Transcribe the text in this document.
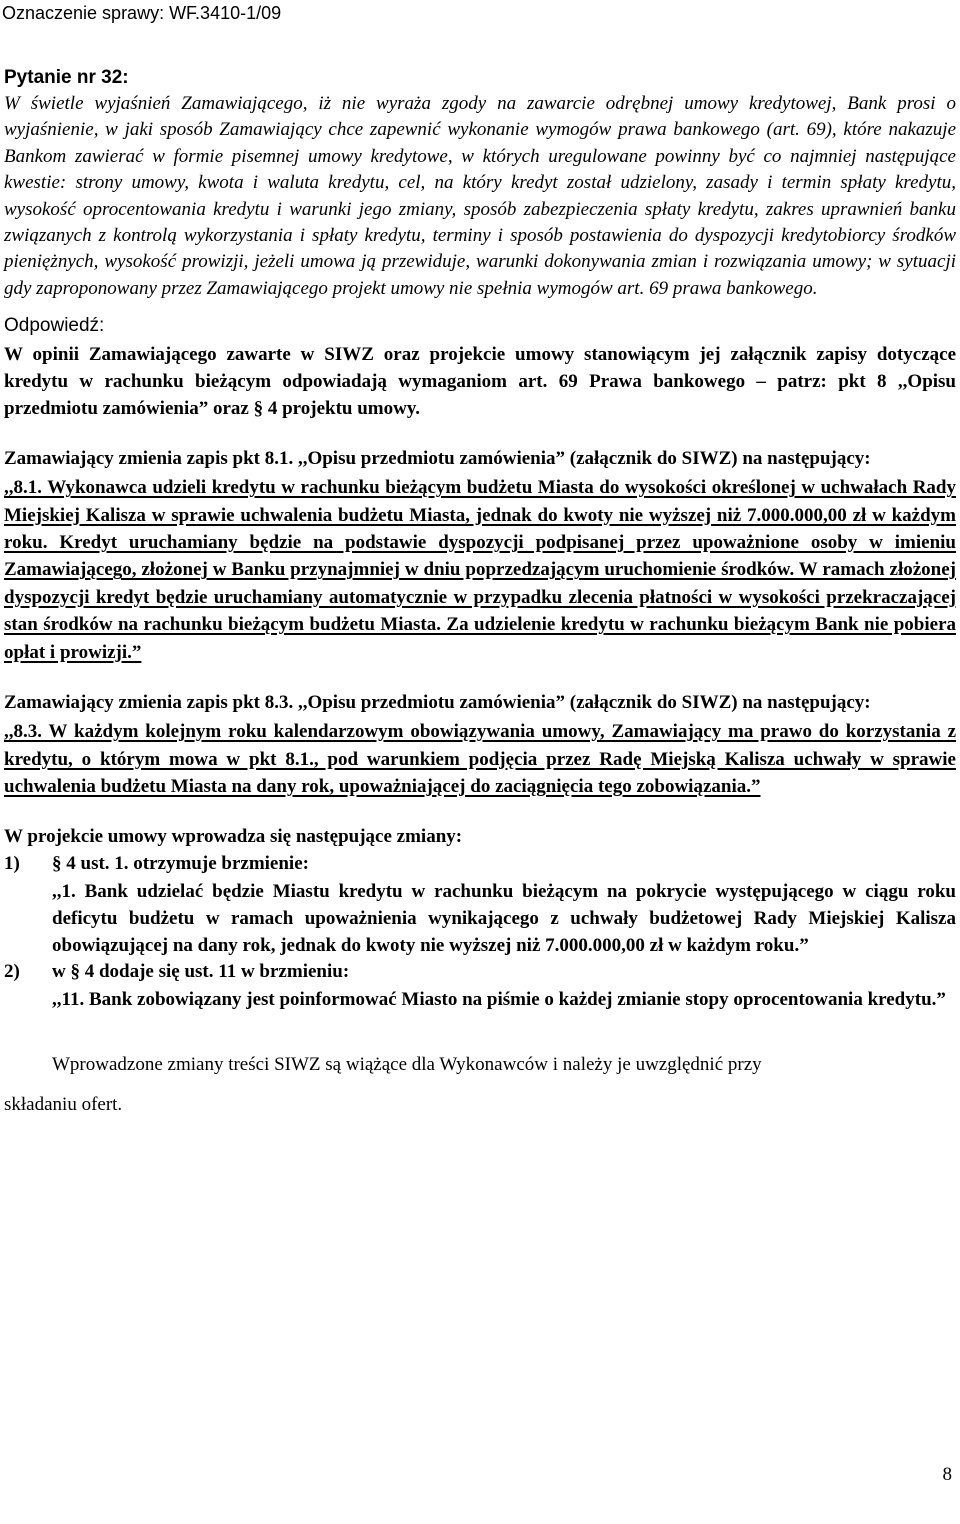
Oznaczenie sprawy: WF.3410-1/09
Pytanie nr 32:

W świetle wyjaśnień Zamawiającego, iż nie wyraża zgody na zawarcie odrębnej umowy kredytowej, Bank prosi o wyjaśnienie, w jaki sposób Zamawiający chce zapewnić wykonanie wymogów prawa bankowego (art. 69), które nakazuje Bankom zawierać w formie pisemnej umowy kredytowe, w których uregulowane powinny być co najmniej następujące kwestie: strony umowy, kwota i waluta kredytu, cel, na który kredyt został udzielony, zasady i termin spłaty kredytu, wysokość oprocentowania kredytu i warunki jego zmiany, sposób zabezpieczenia spłaty kredytu, zakres uprawnień banku związanych z kontrolą wykorzystania i spłaty kredytu, terminy i sposób postawienia do dyspozycji kredytobiorcy środków pieniężnych, wysokość prowizji, jeżeli umowa ją przewiduje, warunki dokonywania zmian i rozwiązania umowy; w sytuacji gdy zaproponowany przez Zamawiającego projekt umowy nie spełnia wymogów art. 69 prawa bankowego.

Odpowiedź:

W opinii Zamawiającego zawarte w SIWZ oraz projekcie umowy stanowiącym jej załącznik zapisy dotyczące kredytu w rachunku bieżącym odpowiadają wymaganiom art. 69 Prawa bankowego – patrz: pkt 8 ,,Opisu przedmiotu zamówienia” oraz § 4 projektu umowy.

Zamawiający zmienia zapis pkt 8.1. ,,Opisu przedmiotu zamówienia” (załącznik do SIWZ) na następujący:

,,8.1. Wykonawca udzieli kredytu w rachunku bieżącym budżetu Miasta do wysokości określonej w uchwałach Rady Miejskiej Kalisza w sprawie uchwalenia budżetu Miasta, jednak do kwoty nie wyższej niż 7.000.000,00 zł w każdym roku. Kredyt uruchamiany będzie na podstawie dyspozycji podpisanej przez upoważnione osoby w imieniu Zamawiającego, złożonej w Banku przynajmniej w dniu poprzedzającym uruchomienie środków. W ramach złożonej dyspozycji kredyt będzie uruchamiany automatycznie w przypadku zlecenia płatności w wysokości przekraczającej stan środków na rachunku bieżącym budżetu Miasta. Za udzielenie kredytu w rachunku bieżącym Bank nie pobiera opłat i prowizji.”

Zamawiający zmienia zapis pkt 8.3. ,,Opisu przedmiotu zamówienia” (załącznik do SIWZ) na następujący:

,,8.3. W każdym kolejnym roku kalendarzowym obowiązywania umowy, Zamawiający ma prawo do korzystania z kredytu, o którym mowa w pkt 8.1., pod warunkiem podjęcia przez Radę Miejską Kalisza uchwały w sprawie uchwalenia budżetu Miasta na dany rok, upoważniającej do zaciągnięcia tego zobowiązania.”

W projekcie umowy wprowadza się następujące zmiany:

1)	§ 4 ust. 1. otrzymuje brzmienie:

,,1. Bank udzielać będzie Miastu kredytu w rachunku bieżącym na pokrycie występującego w ciągu roku deficytu budżetu w ramach upoważnienia wynikającego z uchwały budżetowej Rady Miejskiej Kalisza obowiązującej na dany rok, jednak do kwoty nie wyższej niż 7.000.000,00 zł w każdym roku.”

2)	w § 4 dodaje się ust. 11 w brzmieniu:

,,11. Bank zobowiązany jest poinformować Miasto na piśmie o każdej zmianie stopy oprocentowania kredytu.”

Wprowadzone zmiany treści SIWZ są wiążące dla Wykonawców i należy je uwzględnić przy
składaniu ofert.
8
